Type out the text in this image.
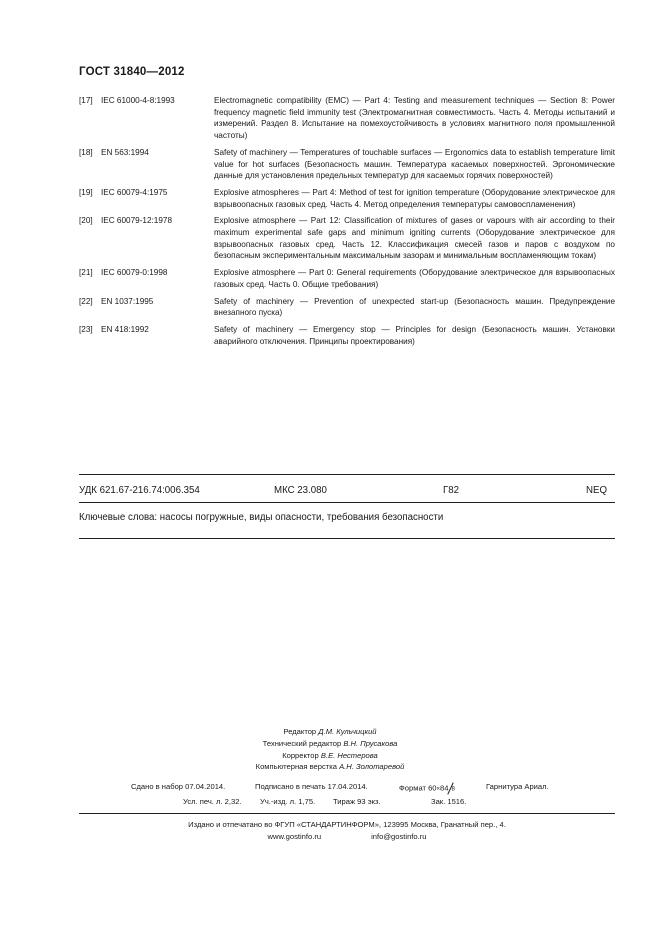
ГОСТ 31840—2012
[17]	IEC 61000-4-8:1993	Electromagnetic compatibility (EMC) — Part 4: Testing and measurement techniques — Section 8: Power frequency magnetic field immunity test (Электромагнитная совместимость. Часть 4. Методы испытаний и измерений. Раздел 8. Испытание на помехоустойчивость в условиях магнитного поля промышленной частоты)
[18]	EN 563:1994	Safety of machinery — Temperatures of touchable surfaces — Ergonomics data to establish temperature limit value for hot surfaces (Безопасность машин. Температура касаемых поверхностей. Эргономические данные для установления предельных температур для касаемых горячих поверхностей)
[19]	IEC 60079-4:1975	Explosive atmospheres — Part 4: Method of test for ignition temperature (Оборудование электрическое для взрывоопасных газовых сред. Часть 4. Метод определения температуры самовоспламенения)
[20]	IEC 60079-12:1978	Explosive atmosphere — Part 12: Classification of mixtures of gases or vapours with air according to their maximum experimental safe gaps and minimum igniting currents (Оборудование электрическое для взрывоопасных газовых сред. Часть 12. Классификация смесей газов и паров с воздухом по безопасным экспериментальным максимальным зазорам и минимальным воспламеняющим токам)
[21]	IEC 60079-0:1998	Explosive atmosphere — Part 0: General requirements (Оборудование электрическое для взрывоопасных газовых сред. Часть 0. Общие требования)
[22]	EN 1037:1995	Safety of machinery — Prevention of unexpected start-up (Безопасность машин. Предупреждение внезапного пуска)
[23]	EN 418:1992	Safety of machinery — Emergency stop — Principles for design (Безопасность машин. Установки аварийного отключения. Принципы проектирования)
УДК 621.67-216.74:006.354	МКС 23.080	Г82	NEQ
Ключевые слова: насосы погружные, виды опасности, требования безопасности
Редактор Д.М. Кульчицкий
Технический редактор В.Н. Прусакова
Корректор В.Е. Нестерова
Компьютерная верстка А.Н. Золотаревой
Сдано в набор 07.04.2014.	Подписано в печать 17.04.2014.	Формат 60×84 8	Гарнитура Ариал.
Усл. печ. л. 2,32. Уч.-изд. л. 1,75. Тираж 93 экз.	Зак. 1516.
Издано и отпечатано во ФГУП «СТАНДАРТИНФОРМ», 123995 Москва, Гранатный пер., 4.
www.gostinfo.ru	info@gostinfo.ru
